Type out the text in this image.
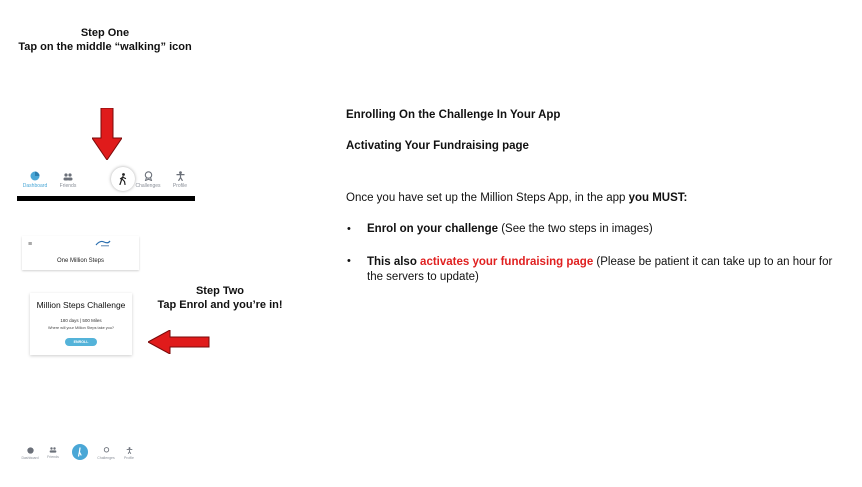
Step One
Tap on the middle “walking” icon
Dashboard	Friends	Challenges	Profile
≡
One Million Steps
Step Two
Tap Enrol and you’re in!
Million Steps Challenge
180 days | 500 Miles
Where will your Million Steps take you?
ENROLL
Dashboard	Friends	Challenges	Profile
Enrolling On the Challenge In Your App
Activating Your Fundraising page
Once you have set up the Million Steps App, in the app you MUST:
• Enrol on your challenge (See the two steps in images)
• This also activates your fundraising page (Please be patient it can take up to an hour for the servers to update)
